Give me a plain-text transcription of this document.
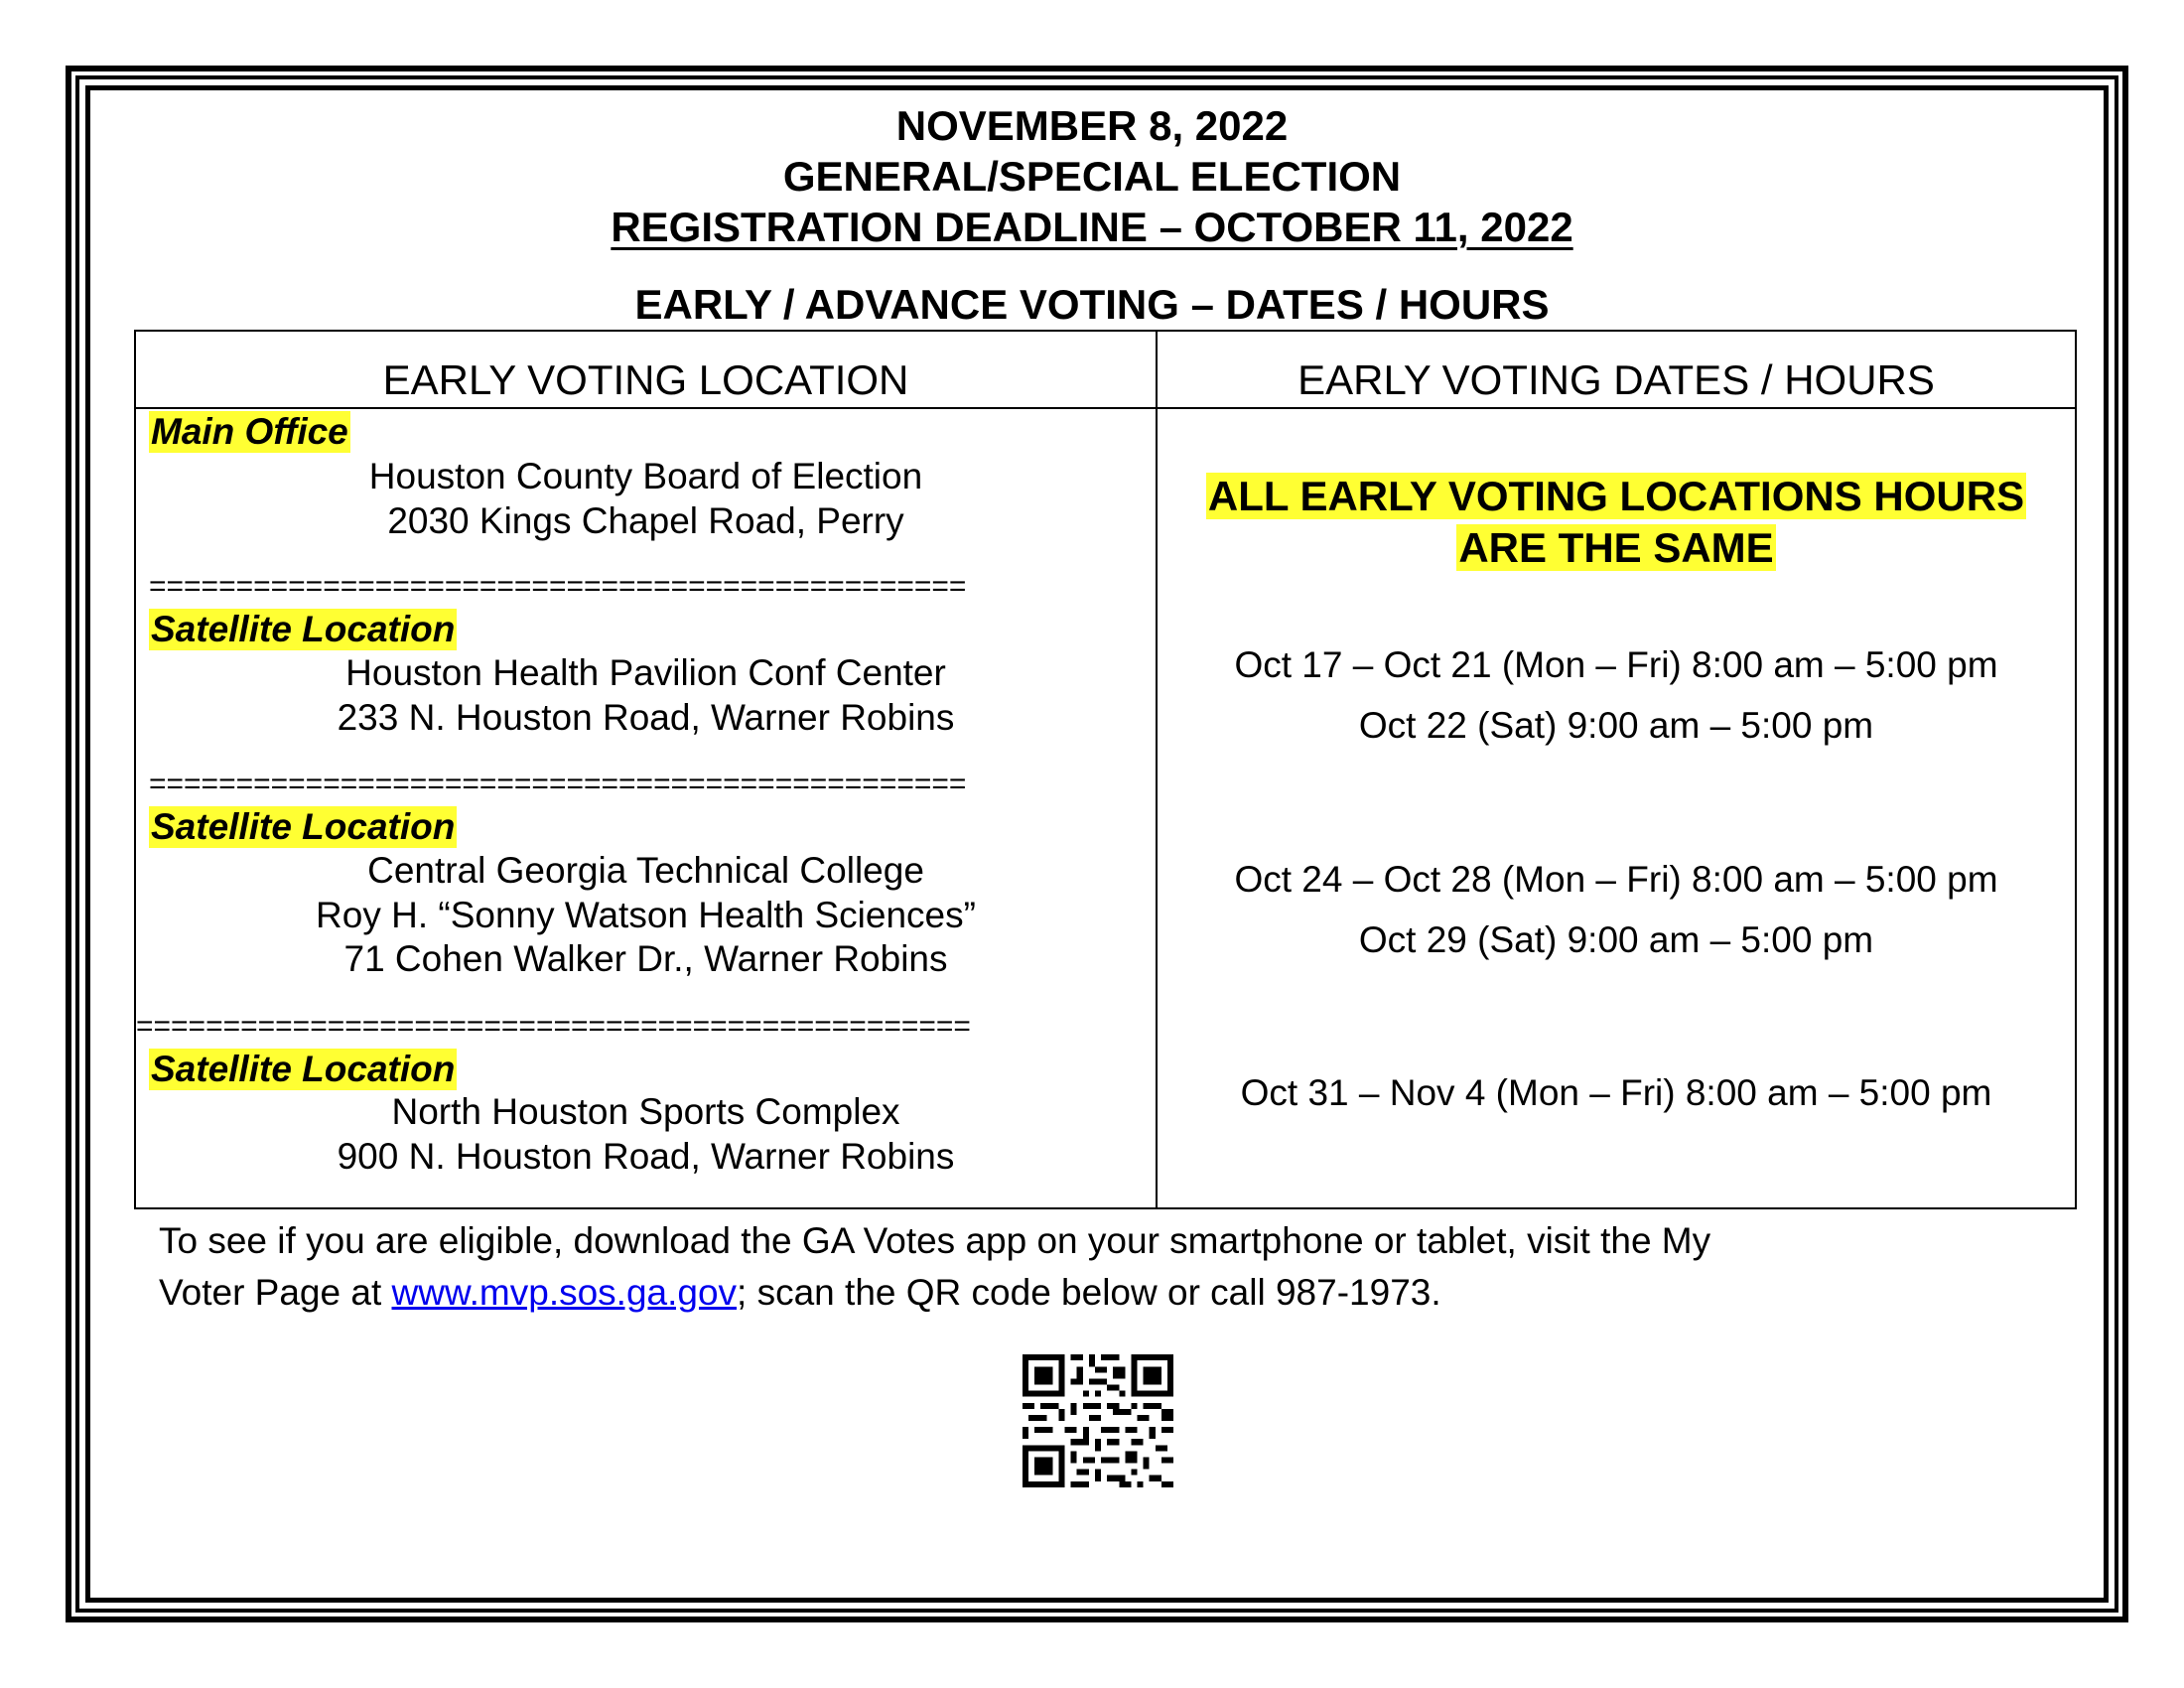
NOVEMBER 8, 2022
GENERAL/SPECIAL ELECTION
REGISTRATION DEADLINE – OCTOBER 11, 2022
EARLY / ADVANCE VOTING – DATES / HOURS
EARLY VOTING LOCATION	EARLY VOTING DATES / HOURS
Main Office
Houston County Board of Election
2030 Kings Chapel Road, Perry
===============================================
Satellite Location
Houston Health Pavilion Conf Center
233 N. Houston Road, Warner Robins
===============================================
Satellite Location
Central Georgia Technical College
Roy H. “Sonny Watson Health Sciences”
71 Cohen Walker Dr., Warner Robins
================================================
Satellite Location
North Houston Sports Complex
900 N. Houston Road, Warner Robins
ALL EARLY VOTING LOCATIONS HOURS
ARE THE SAME
Oct 17 – Oct 21 (Mon – Fri) 8:00 am – 5:00 pm
Oct 22 (Sat) 9:00 am – 5:00 pm
Oct 24 – Oct 28 (Mon – Fri) 8:00 am – 5:00 pm
Oct 29 (Sat) 9:00 am – 5:00 pm
Oct 31 – Nov 4 (Mon – Fri) 8:00 am – 5:00 pm
To see if you are eligible, download the GA Votes app on your smartphone or tablet, visit the My
Voter Page at www.mvp.sos.ga.gov; scan the QR code below or call 987-1973.
